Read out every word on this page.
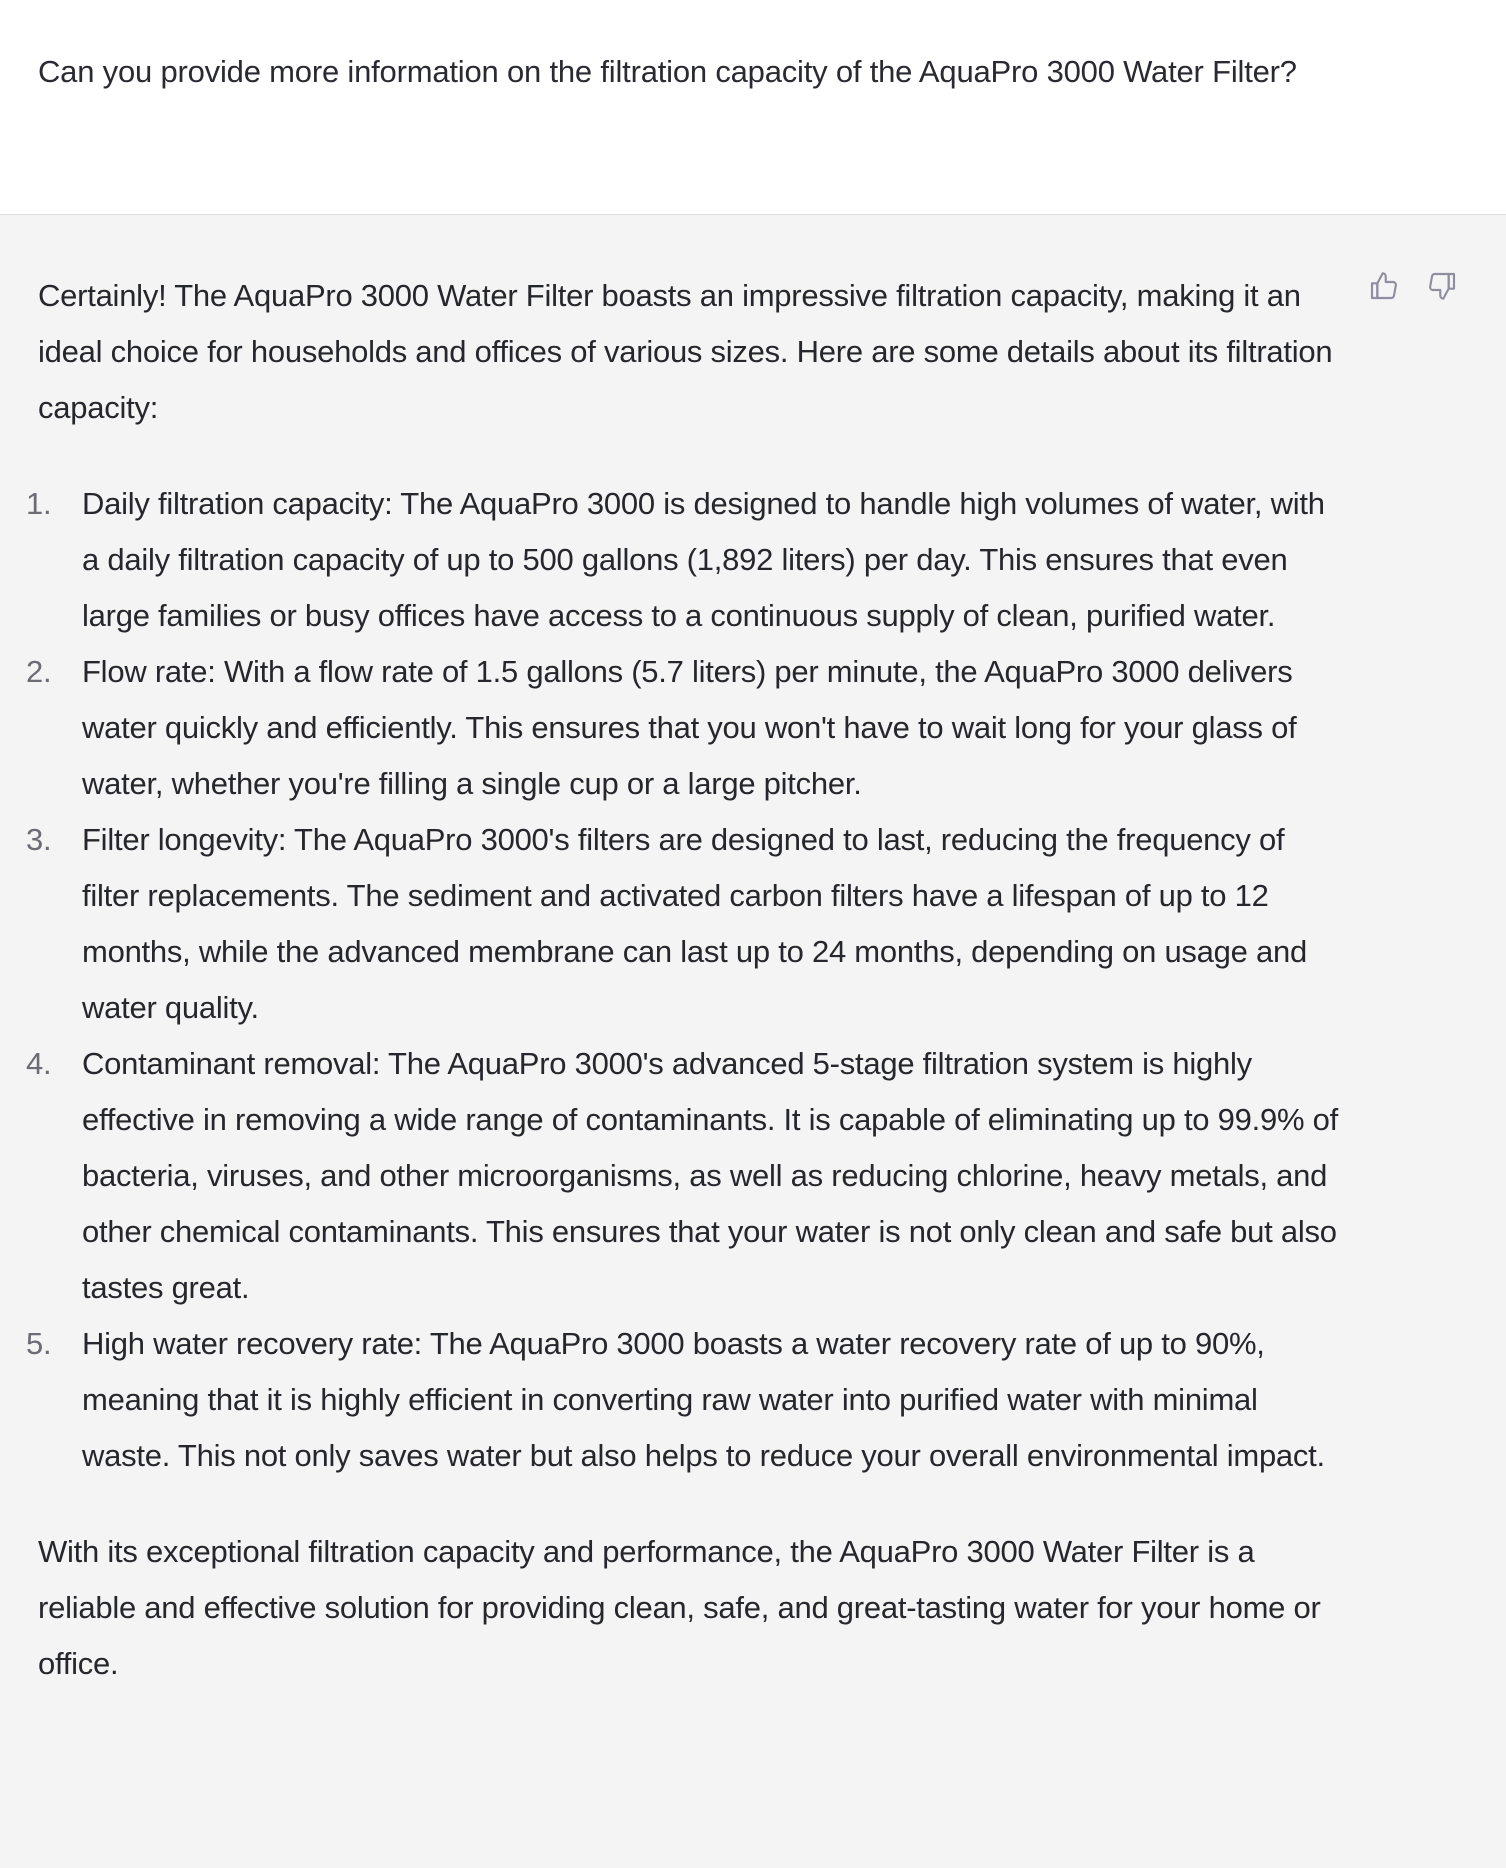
Can you provide more information on the filtration capacity of the AquaPro 3000 Water Filter?

Certainly! The AquaPro 3000 Water Filter boasts an impressive filtration capacity, making it an ideal choice for households and offices of various sizes. Here are some details about its filtration capacity:

1. Daily filtration capacity: The AquaPro 3000 is designed to handle high volumes of water, with a daily filtration capacity of up to 500 gallons (1,892 liters) per day. This ensures that even large families or busy offices have access to a continuous supply of clean, purified water.
2. Flow rate: With a flow rate of 1.5 gallons (5.7 liters) per minute, the AquaPro 3000 delivers water quickly and efficiently. This ensures that you won't have to wait long for your glass of water, whether you're filling a single cup or a large pitcher.
3. Filter longevity: The AquaPro 3000's filters are designed to last, reducing the frequency of filter replacements. The sediment and activated carbon filters have a lifespan of up to 12 months, while the advanced membrane can last up to 24 months, depending on usage and water quality.
4. Contaminant removal: The AquaPro 3000's advanced 5-stage filtration system is highly effective in removing a wide range of contaminants. It is capable of eliminating up to 99.9% of bacteria, viruses, and other microorganisms, as well as reducing chlorine, heavy metals, and other chemical contaminants. This ensures that your water is not only clean and safe but also tastes great.
5. High water recovery rate: The AquaPro 3000 boasts a water recovery rate of up to 90%, meaning that it is highly efficient in converting raw water into purified water with minimal waste. This not only saves water but also helps to reduce your overall environmental impact.

With its exceptional filtration capacity and performance, the AquaPro 3000 Water Filter is a reliable and effective solution for providing clean, safe, and great-tasting water for your home or office.
